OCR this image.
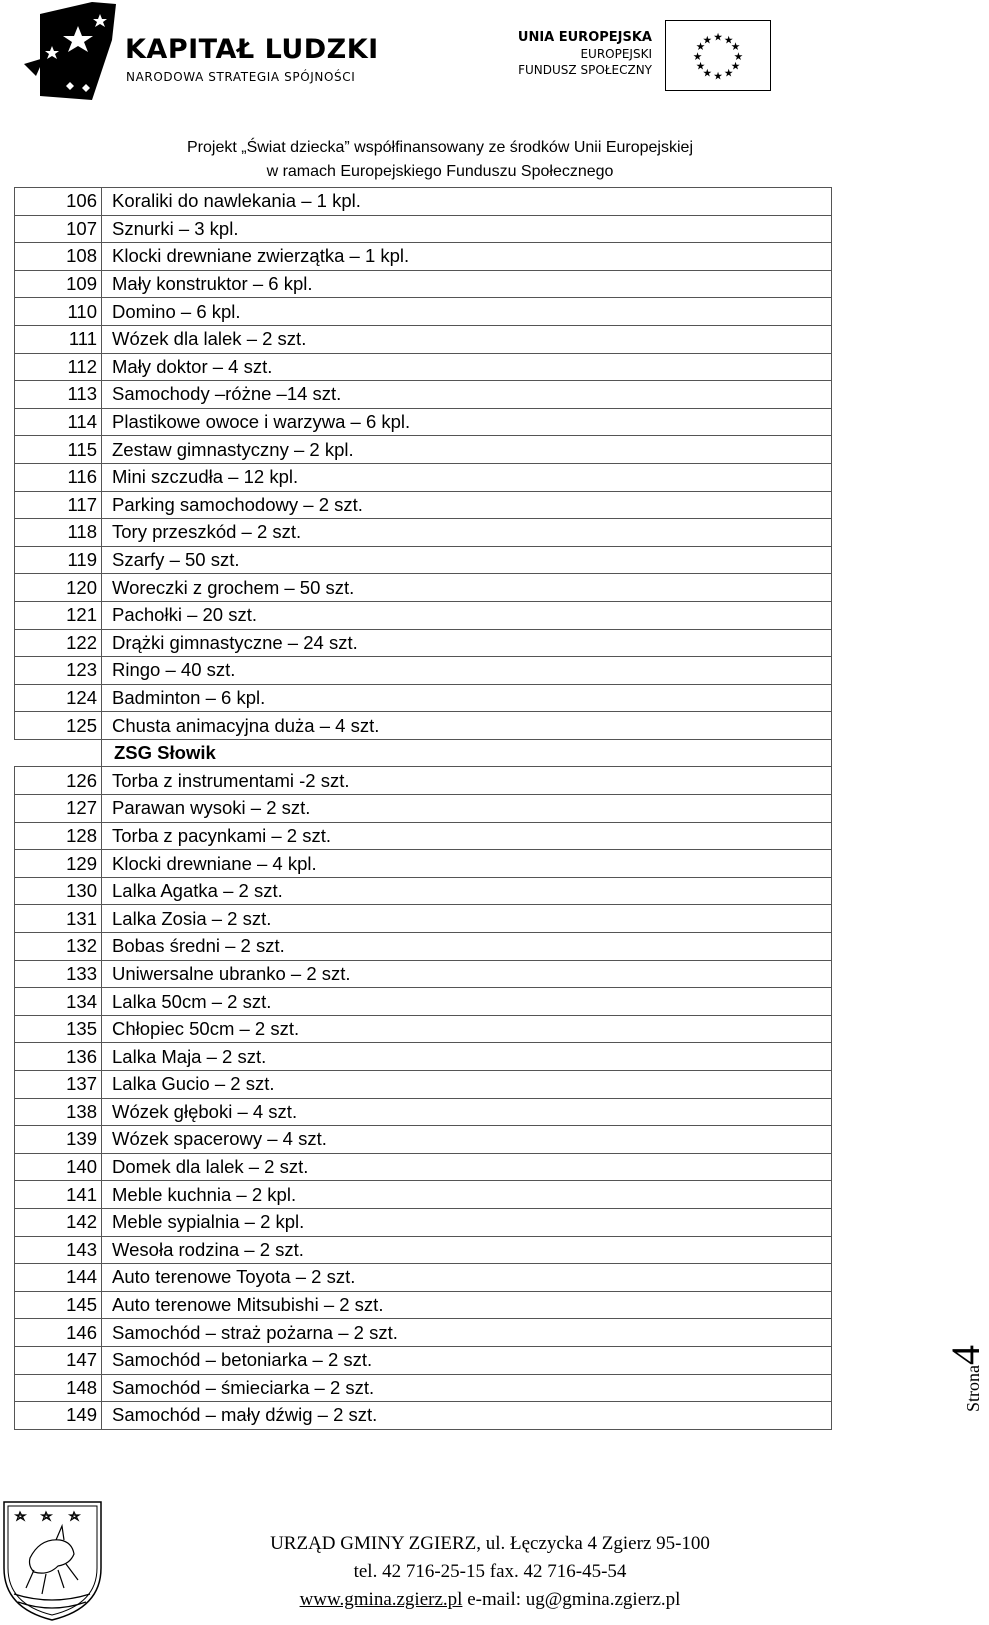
KAPITAŁ LUDZKI
NARODOWA STRATEGIA SPÓJNOŚCI
UNIA EUROPEJSKA
EUROPEJSKI
FUNDUSZ SPOŁECZNY
★ ★
★
★
★
★
★
★
★
★
★
★
Projekt „Świat dziecka” współfinansowany ze środków Unii Europejskiej
w ramach Europejskiego Funduszu Społecznego
106	Koraliki do nawlekania – 1 kpl.
107	Sznurki – 3 kpl.
108	Klocki drewniane zwierzątka – 1 kpl.
109	Mały konstruktor – 6 kpl.
110	Domino – 6 kpl.
111	Wózek dla lalek – 2 szt.
112	Mały doktor – 4 szt.
113	Samochody –różne –14 szt.
114	Plastikowe owoce i warzywa – 6 kpl.
115	Zestaw gimnastyczny – 2 kpl.
116	Mini szczudła – 12 kpl.
117	Parking samochodowy – 2 szt.
118	Tory przeszkód – 2 szt.
119	Szarfy – 50 szt.
120	Woreczki z grochem – 50 szt.
121	Pachołki – 20 szt.
122	Drążki gimnastyczne – 24 szt.
123	Ringo – 40 szt.
124	Badminton – 6 kpl.
125	Chusta animacyjna duża – 4 szt.
	ZSG Słowik
126	Torba z instrumentami -2 szt.
127	Parawan wysoki – 2 szt.
128	Torba z pacynkami – 2 szt.
129	Klocki drewniane – 4 kpl.
130	Lalka Agatka – 2 szt.
131	Lalka Zosia – 2 szt.
132	Bobas średni – 2 szt.
133	Uniwersalne ubranko – 2 szt.
134	Lalka 50cm – 2 szt.
135	Chłopiec 50cm – 2 szt.
136	Lalka Maja – 2 szt.
137	Lalka Gucio – 2 szt.
138	Wózek głęboki – 4 szt.
139	Wózek spacerowy – 4 szt.
140	Domek dla lalek – 2 szt.
141	Meble kuchnia – 2 kpl.
142	Meble sypialnia – 2 kpl.
143	Wesoła rodzina – 2 szt.
144	Auto terenowe Toyota – 2 szt.
145	Auto terenowe Mitsubishi – 2 szt.
146	Samochód – straż pożarna – 2 szt.
147	Samochód – betoniarka – 2 szt.
148	Samochód – śmieciarka – 2 szt.
149	Samochód – mały dźwig – 2 szt.
Strona4
URZĄD GMINY ZGIERZ, ul. Łęczycka 4 Zgierz 95-100
tel. 42 716-25-15 fax. 42 716-45-54
www.gmina.zgierz.pl e-mail: ug@gmina.zgierz.pl
